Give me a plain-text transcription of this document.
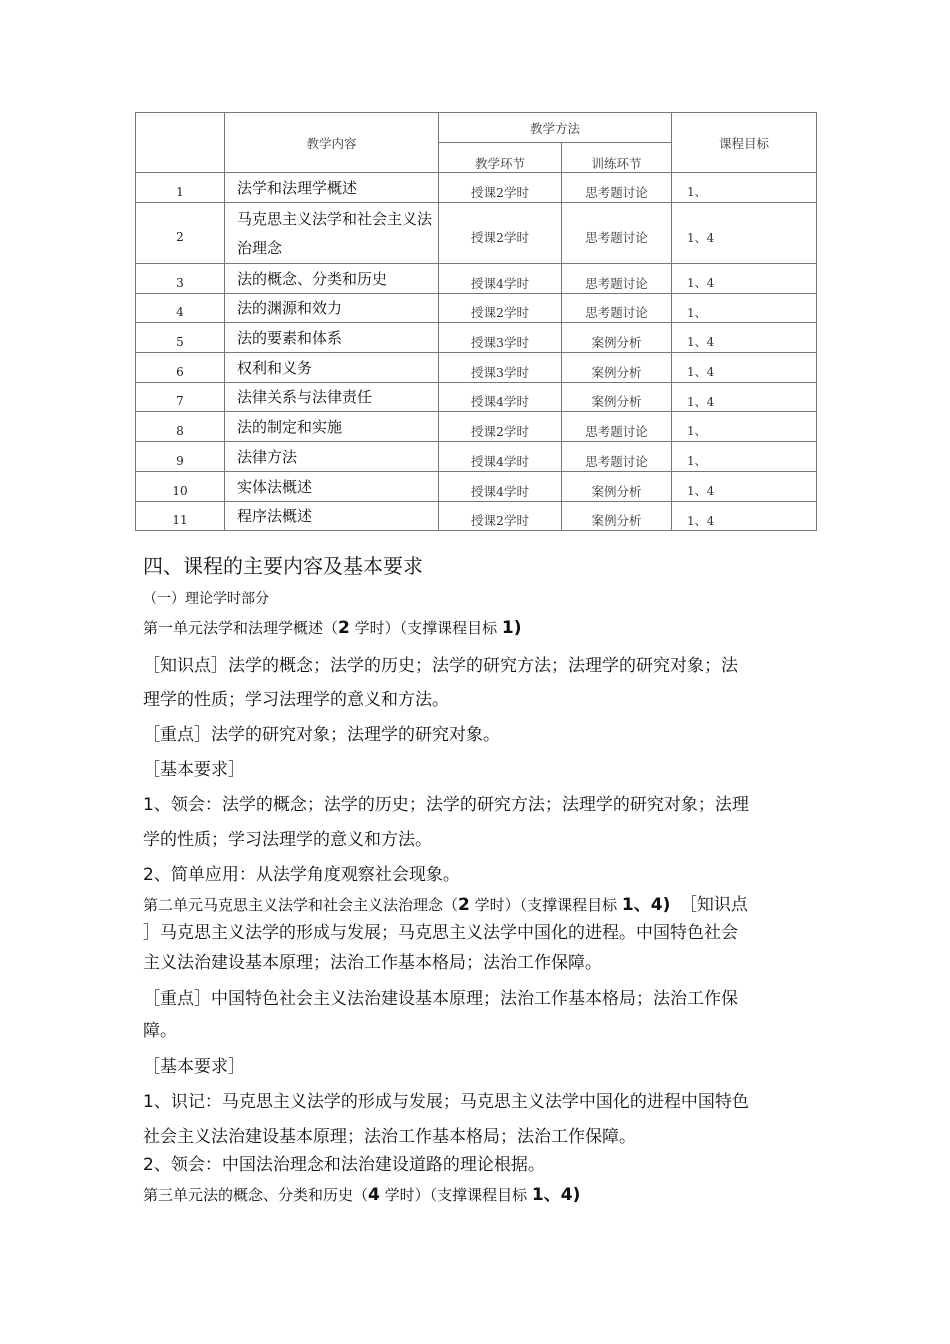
	教学内容	教学方法		课程目标

		教学环节	训练环节	

1	法学和法理学概述	授课2学时	思考题讨论	1、
2	马克思主义法学和社会主义法治理念	授课2学时	思考题讨论	1、4
3	法的概念、分类和历史	授课4学时	思考题讨论	1、4
4	法的渊源和效力	授课2学时	思考题讨论	1、
5	法的要素和体系	授课3学时	案例分析	1、4
6	权利和义务	授课3学时	案例分析	1、4
7	法律关系与法律责任	授课4学时	案例分析	1、4
8	法的制定和实施	授课2学时	思考题讨论	1、
9	法律方法	授课4学时	思考题讨论	1、
10	实体法概述	授课4学时	案例分析	1、4
11	程序法概述	授课2学时	案例分析	1、4
四、课程的主要内容及基本要求
（一）理论学时部分
第一单元法学和法理学概述（2 学时）（支撑课程目标 1)
［知识点］法学的概念；法学的历史；法学的研究方法；法理学的研究对象；法
理学的性质；学习法理学的意义和方法。
［重点］法学的研究对象；法理学的研究对象。
［基本要求］
1、领会：法学的概念；法学的历史；法学的研究方法；法理学的研究对象；法理
学的性质；学习法理学的意义和方法。
2、简单应用：从法学角度观察社会现象。
第二单元马克思主义法学和社会主义法治理念（2 学时）（支撑课程目标 1、4) ［知识点
］马克思主义法学的形成与发展；马克思主义法学中国化的进程。中国特色社会
主义法治建设基本原理；法治工作基本格局；法治工作保障。
［重点］中国特色社会主义法治建设基本原理；法治工作基本格局；法治工作保
障。
［基本要求］
1、识记：马克思主义法学的形成与发展；马克思主义法学中国化的进程中国特色
社会主义法治建设基本原理；法治工作基本格局；法治工作保障。
2、领会：中国法治理念和法治建设道路的理论根据。
第三单元法的概念、分类和历史（4 学时）（支撑课程目标 1、4)
